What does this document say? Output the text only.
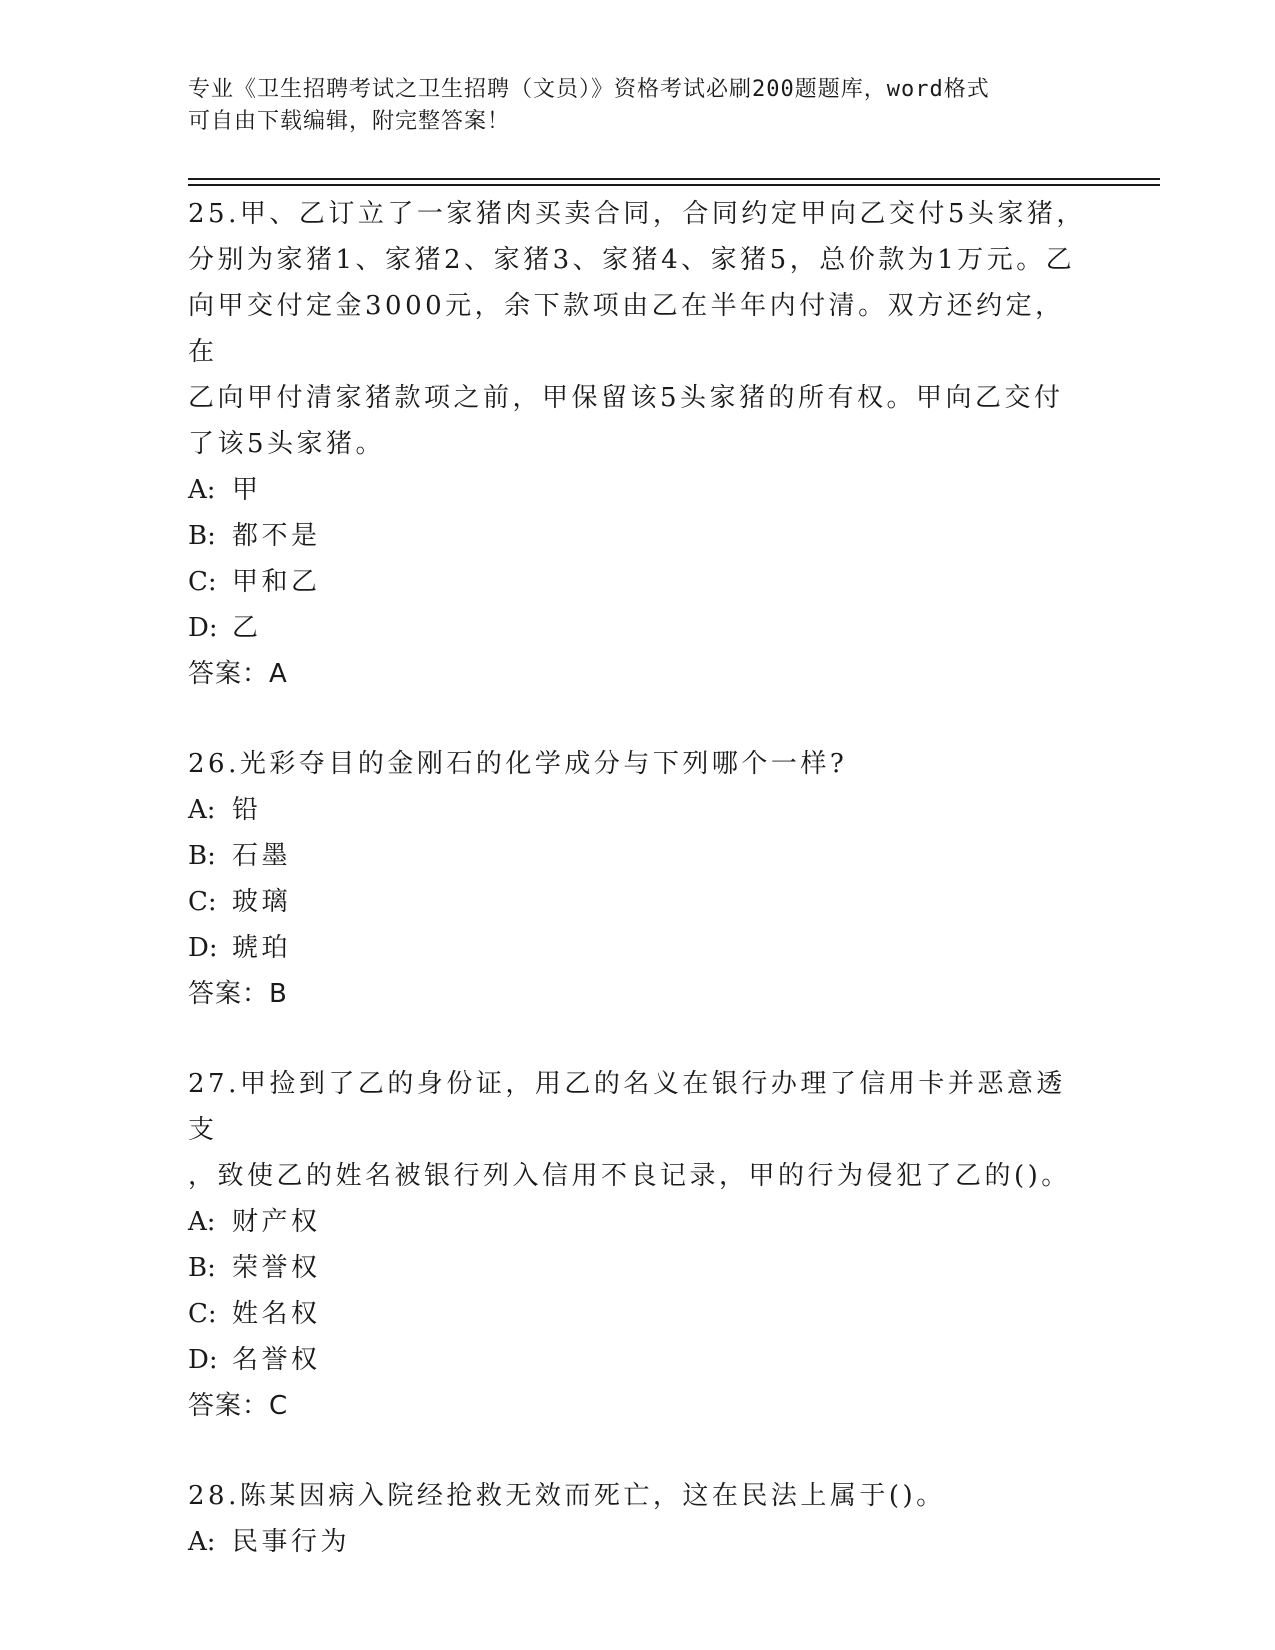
专业《卫生招聘考试之卫生招聘（文员）》资格考试必刷200题题库，word格式
可自由下载编辑，附完整答案！

25.甲、乙订立了一家猪肉买卖合同，合同约定甲向乙交付5头家猪，

分别为家猪1、家猪2、家猪3、家猪4、家猪5，总价款为1万元。乙

向甲交付定金3000元，余下款项由乙在半年内付清。双方还约定，在

乙向甲付清家猪款项之前，甲保留该5头家猪的所有权。甲向乙交付

了该5头家猪。

A: 甲

B: 都不是

C: 甲和乙

D: 乙

答案：A

26.光彩夺目的金刚石的化学成分与下列哪个一样?

A: 铅

B: 石墨

C: 玻璃

D: 琥珀

答案：B

27.甲捡到了乙的身份证，用乙的名义在银行办理了信用卡并恶意透支

，致使乙的姓名被银行列入信用不良记录，甲的行为侵犯了乙的()。

A: 财产权

B: 荣誉权

C: 姓名权

D: 名誉权

答案：C

28.陈某因病入院经抢救无效而死亡，这在民法上属于()。

A: 民事行为
